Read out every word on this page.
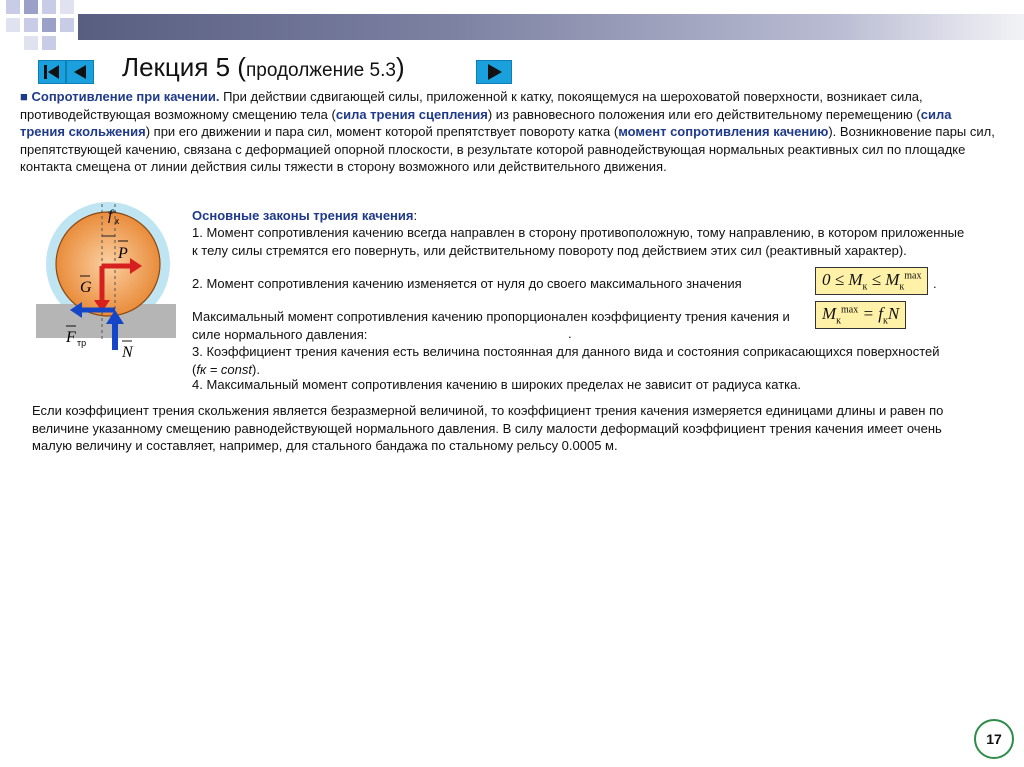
Лекция 5 (продолжение 5.3)
■ Сопротивление при качении. При действии сдвигающей силы, приложенной к катку, покоящемуся на шероховатой поверхности, возникает сила, противодействующая возможному смещению тела (сила трения сцепления) из равновесного положения или его действительному перемещению (сила трения скольжения) при его движении и пара сил, момент которой препятствует повороту катка (момент сопротивления качению). Возникновение пары сил, препятствующей качению, связана с деформацией опорной плоскости, в результате которой равнодействующая нормальных реактивных сил по площадке контакта смещена от линии действия силы тяжести в сторону возможного или действительного движения.
f к
P
G
F тр
N
Основные законы трения качения:
1. Момент сопротивления качению всегда направлен в сторону противоположную, тому направлению, в котором приложенные к телу силы стремятся его повернуть, или действительному повороту под действием этих сил (реактивный характер).
2. Момент сопротивления качению изменяется от нуля до своего максимального значения	.
$0 \le M_к \le M_к^{max}$
Максимальный момент сопротивления качению пропорционален коэффициенту трения качения и силе нормального давления:	.
$M_к^{max} = f_кN$
3. Коэффициент трения качения есть величина постоянная для данного вида и состояния соприкасающихся поверхностей (fк = const).
4. Максимальный момент сопротивления качению в широких пределах не зависит от радиуса катка.
Если коэффициент трения скольжения является безразмерной величиной, то коэффициент трения качения измеряется единицами длины и равен по величине указанному смещению равнодействующей нормального давления. В силу малости деформаций коэффициент трения качения имеет очень малую величину и составляет, например, для стального бандажа по стальному рельсу 0.0005 м.
17
